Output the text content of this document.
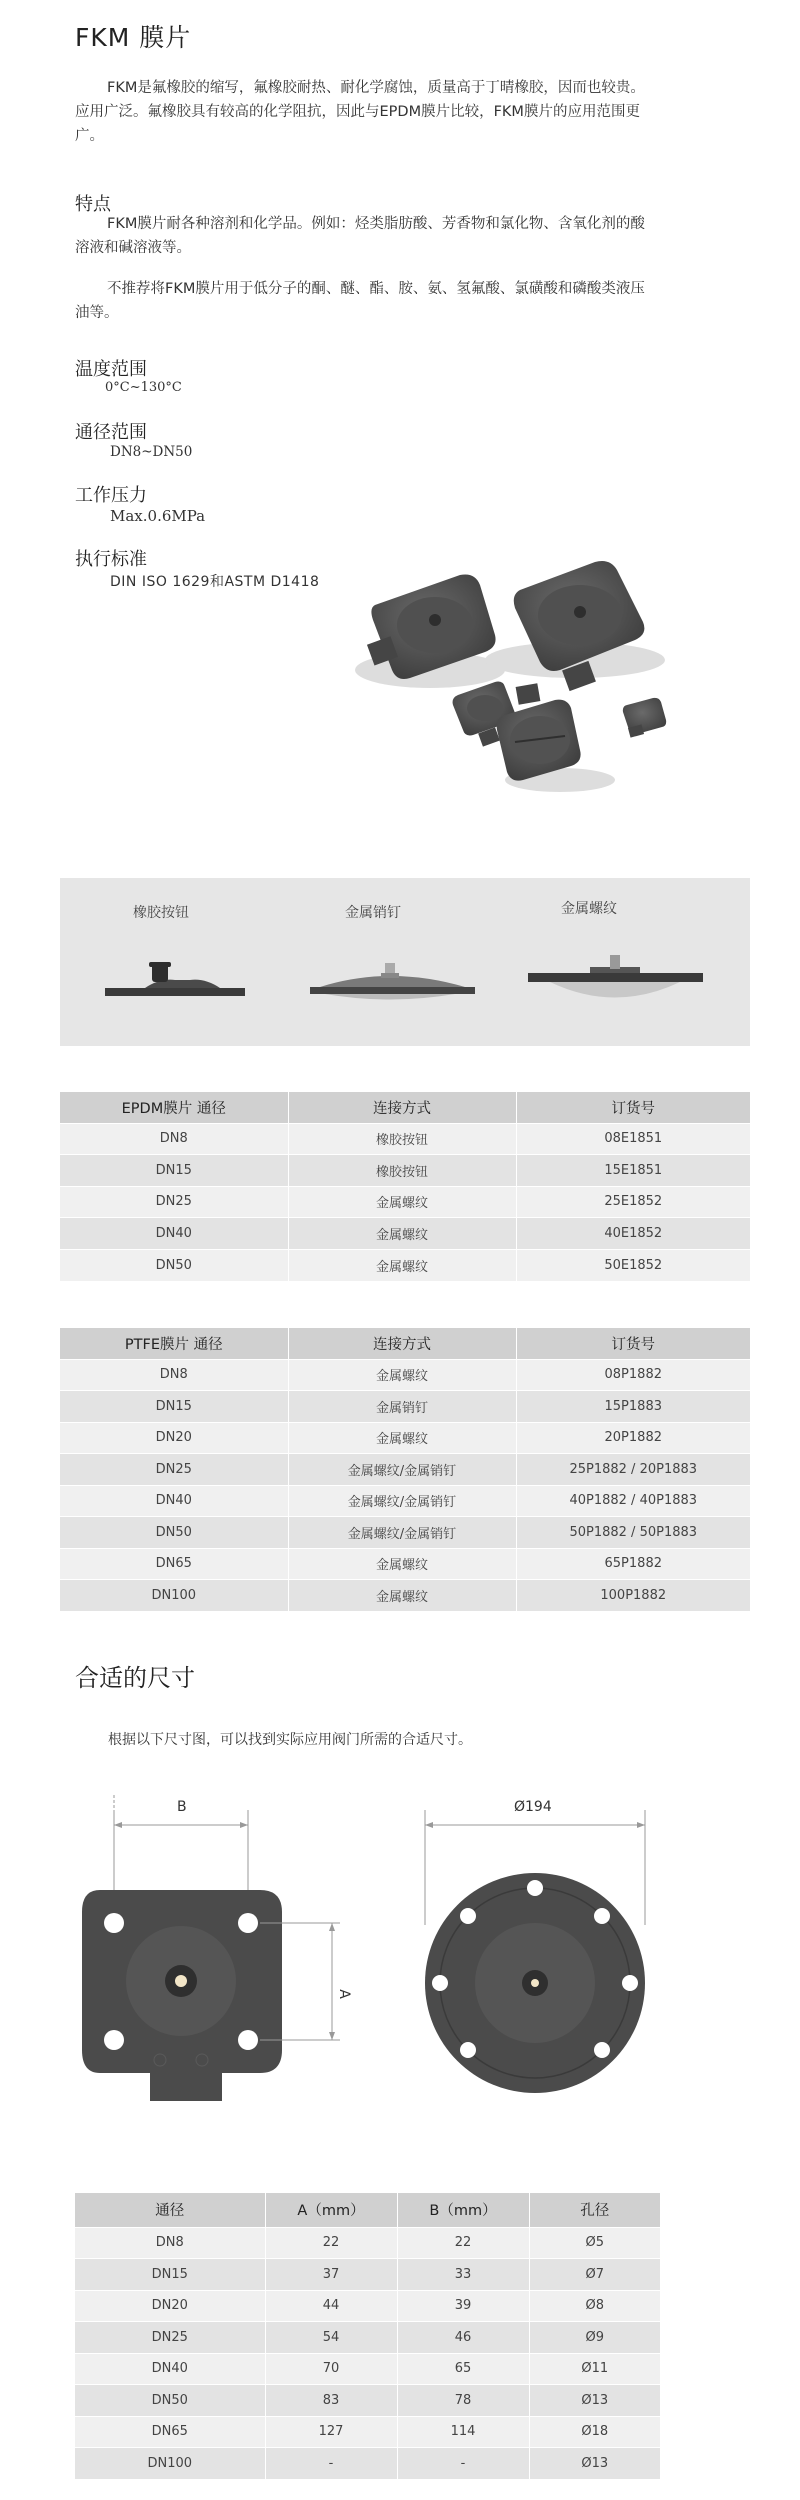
FKM 膜片
FKM是氟橡胶的缩写，氟橡胶耐热、耐化学腐蚀，质量高于丁晴橡胶，因而也较贵。应用广泛。氟橡胶具有较高的化学阻抗，因此与EPDM膜片比较，FKM膜片的应用范围更广。
特点
FKM膜片耐各种溶剂和化学品。例如：烃类脂肪酸、芳香物和氯化物、含氧化剂的酸溶液和碱溶液等。
不推荐将FKM膜片用于低分子的酮、醚、酯、胺、氨、氢氟酸、氯磺酸和磷酸类液压油等。
温度范围
0°C~130°C
通径范围
DN8~DN50
工作压力
Max.0.6MPa
执行标准
DIN ISO 1629和ASTM D1418
橡胶按钮	金属销钉	金属螺纹
EPDM膜片 通径	连接方式	订货号
DN8	橡胶按钮	08E1851
DN15	橡胶按钮	15E1851
DN25	金属螺纹	25E1852
DN40	金属螺纹	40E1852
DN50	金属螺纹	50E1852
PTFE膜片 通径	连接方式	订货号
DN8	金属螺纹	08P1882
DN15	金属销钉	15P1883
DN20	金属螺纹	20P1882
DN25	金属螺纹/金属销钉	25P1882 / 20P1883
DN40	金属螺纹/金属销钉	40P1882 / 40P1883
DN50	金属螺纹/金属销钉	50P1882 / 50P1883
DN65	金属螺纹	65P1882
DN100	金属螺纹	100P1882
合适的尺寸
根据以下尺寸图，可以找到实际应用阀门所需的合适尺寸。
B
A
Ø194
通径	A（mm）	B（mm）	孔径
DN8	22	22	Ø5
DN15	37	33	Ø7
DN20	44	39	Ø8
DN25	54	46	Ø9
DN40	70	65	Ø11
DN50	83	78	Ø13
DN65	127	114	Ø18
DN100	-	-	Ø13
